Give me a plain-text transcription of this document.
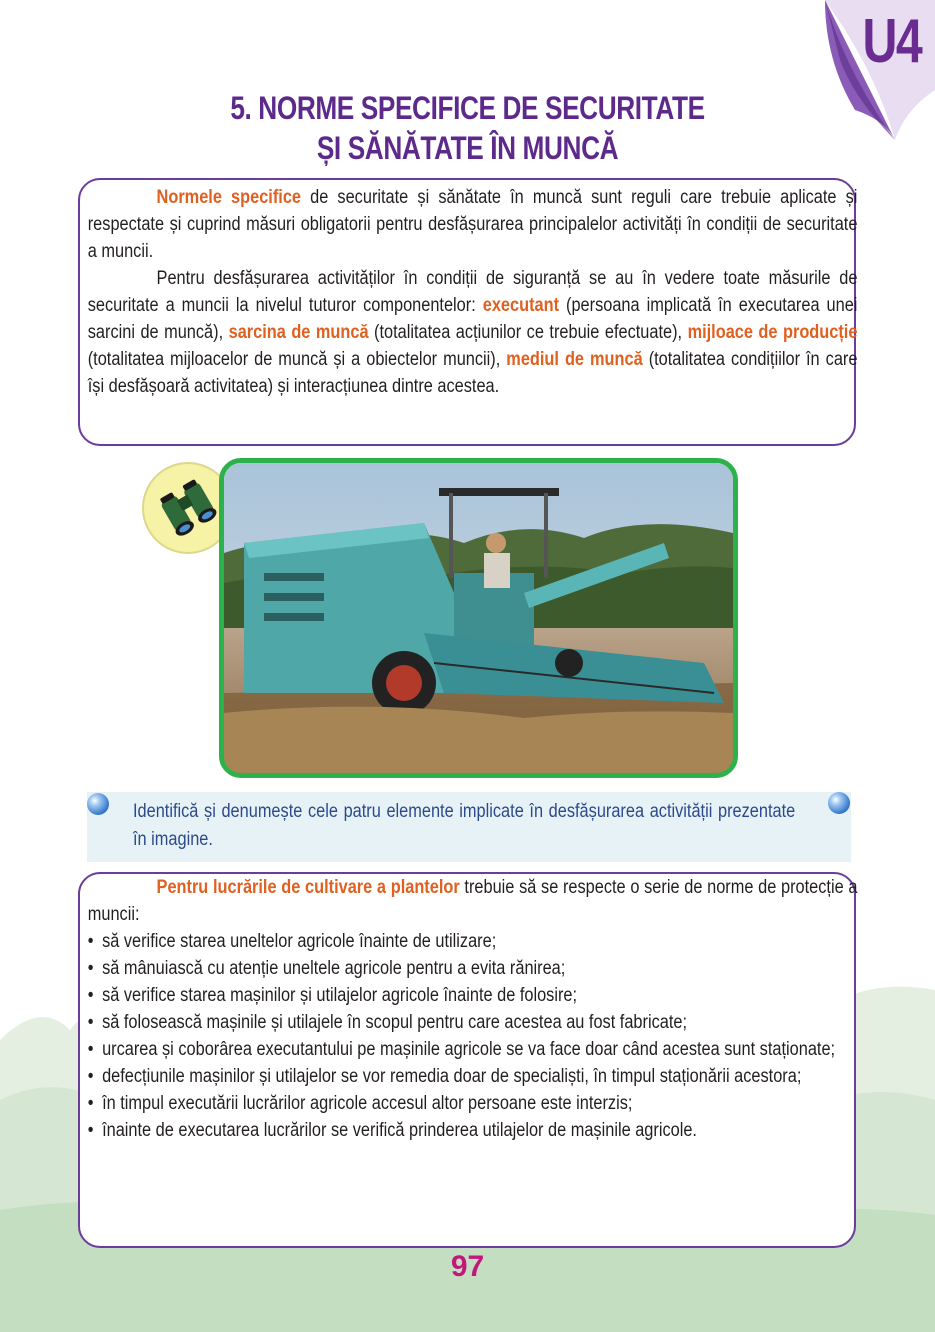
U4
5. NORME SPECIFICE DE SECURITATE
ȘI SĂNĂTATE ÎN MUNCĂ

Normele specifice de securitate și sănătate în muncă sunt reguli care trebuie aplicate și respectate și cuprind măsuri obligatorii pentru desfășurarea principalelor activități în condiții de securitate a muncii.

Pentru desfășurarea activităților în condiții de siguranță se au în vedere toate măsurile de securitate a muncii la nivelul tuturor componentelor: executant (persoana implicată în executarea unei sarcini de muncă), sarcina de muncă (totalitatea acțiunilor ce trebuie efectuate), mijloace de producție (totalitatea mijloacelor de muncă și a obiectelor muncii), mediul de muncă (totalitatea condițiilor în care își desfășoară activitatea) și interacțiunea dintre acestea.

Identifică și denumește cele patru elemente implicate în desfășurarea activității prezentate în imagine.

Pentru lucrările de cultivare a plantelor trebuie să se respecte o serie de norme de protecție a muncii:

• să verifice starea uneltelor agricole înainte de utilizare;
• să mânuiască cu atenție uneltele agricole pentru a evita rănirea;
• să verifice starea mașinilor și utilajelor agricole înainte de folosire;
• să folosească mașinile și utilajele în scopul pentru care acestea au fost fabricate;
• urcarea și coborârea executantului pe mașinile agricole se va face doar când acestea sunt staționate;
• defecțiunile mașinilor și utilajelor se vor remedia doar de specialiști, în timpul staționării acestora;
• în timpul executării lucrărilor agricole accesul altor persoane este interzis;
• înainte de executarea lucrărilor se verifică prinderea utilajelor de mașinile agricole.
97
